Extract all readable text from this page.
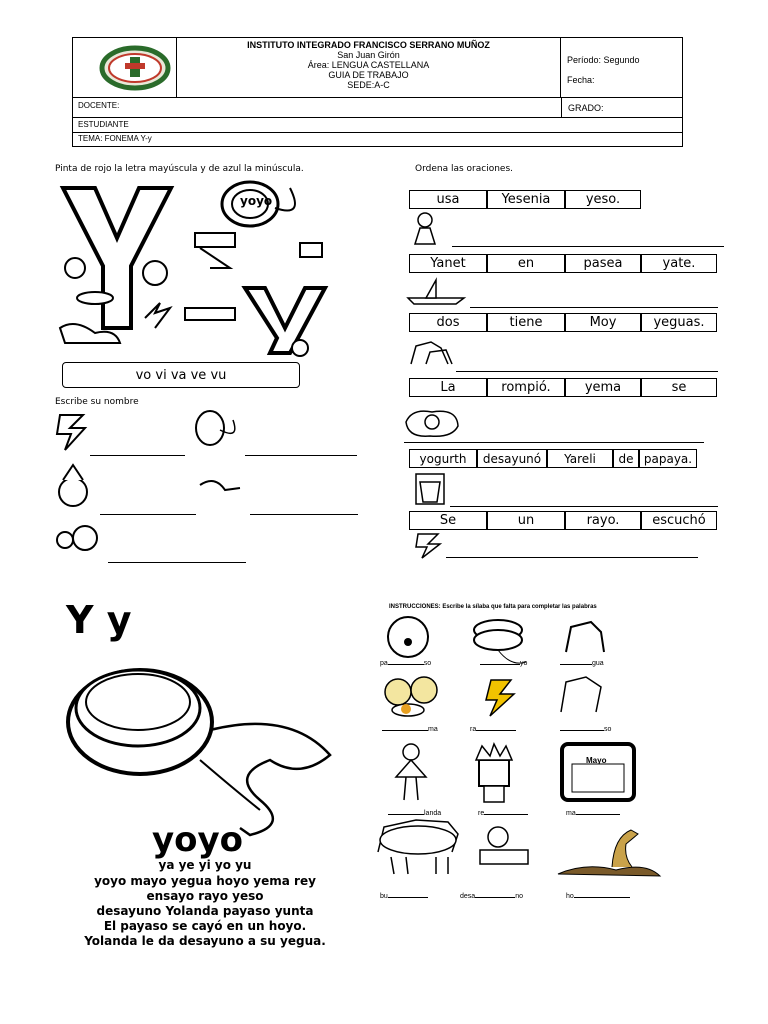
INSTITUTO INTEGRADO FRANCISCO SERRANO MUÑOZ
San Juan Girón
Área: LENGUA CASTELLANA
GUIA DE TRABAJO
SEDE:A-C
Período: Segundo
Fecha:
DOCENTE:	GRADO:
ESTUDIANTE
TEMA: FONEMA Y-y
Pinta de rojo la letra mayúscula y de azul la minúscula.
yoyo
vo vi va ve vu
Escribe su nombre
Ordena las oraciones.
usa	Yesenia	yeso.
Yanet	en	pasea	yate.
dos	tiene	Moy	yeguas.
La	rompió.	yema	se
yogurth	desayunó	Yareli	de papaya.
Se	un	rayo.	escuchó
Y y
yoyo
ya ye yi yo yu
yoyo mayo yegua hoyo yema rey
ensayo rayo yeso
desayuno Yolanda payaso yunta
El payaso se cayó en un hoyo.
Yolanda le da desayuno a su yegua.
INSTRUCCIONES: Escribe la sílaba que falta para completar las palabras
Mayo
pa	so	yo	gua
ma	ra	so
landa	re	ma
bu	desa	no	ho
